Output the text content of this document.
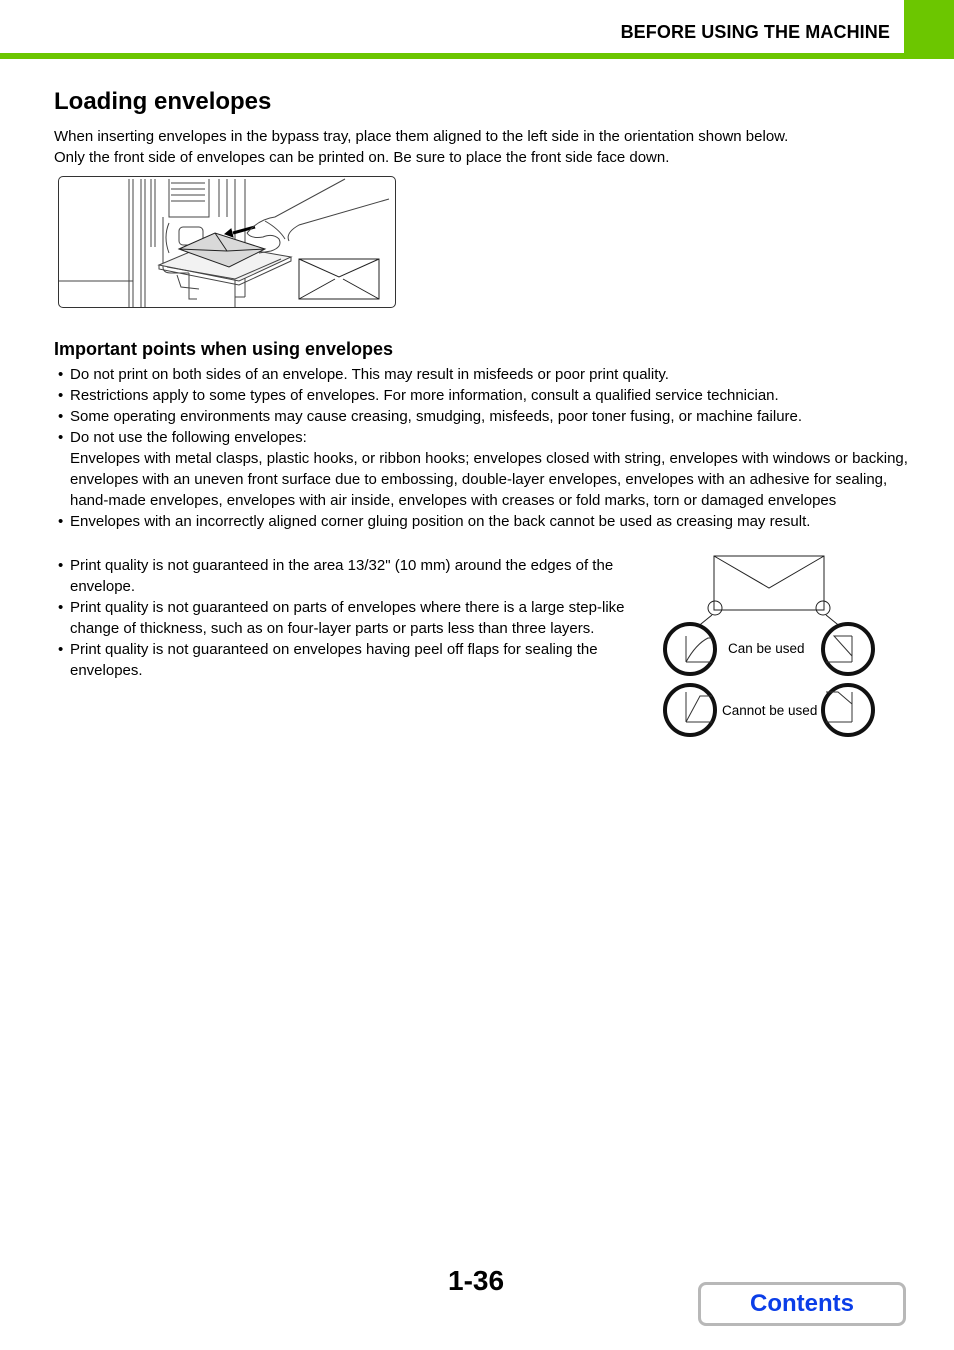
BEFORE USING THE MACHINE
Loading envelopes

When inserting envelopes in the bypass tray, place them aligned to the left side in the orientation shown below.
Only the front side of envelopes can be printed on. Be sure to place the front side face down.

Important points when using envelopes
• Do not print on both sides of an envelope. This may result in misfeeds or poor print quality.
• Restrictions apply to some types of envelopes. For more information, consult a qualified service technician.
• Some operating environments may cause creasing, smudging, misfeeds, poor toner fusing, or machine failure.
• Do not use the following envelopes:
Envelopes with metal clasps, plastic hooks, or ribbon hooks; envelopes closed with string, envelopes with windows or backing, envelopes with an uneven front surface due to embossing, double-layer envelopes, envelopes with an adhesive for sealing, hand-made envelopes, envelopes with air inside, envelopes with creases or fold marks, torn or damaged envelopes
• Envelopes with an incorrectly aligned corner gluing position on the back cannot be used as creasing may result.
• Print quality is not guaranteed in the area 13/32" (10 mm) around the edges of the envelope.
• Print quality is not guaranteed on parts of envelopes where there is a large step-like change of thickness, such as on four-layer parts or parts less than three layers.
• Print quality is not guaranteed on envelopes having peel off flaps for sealing the envelopes.
Can be used
Cannot be used
1-36
Contents
